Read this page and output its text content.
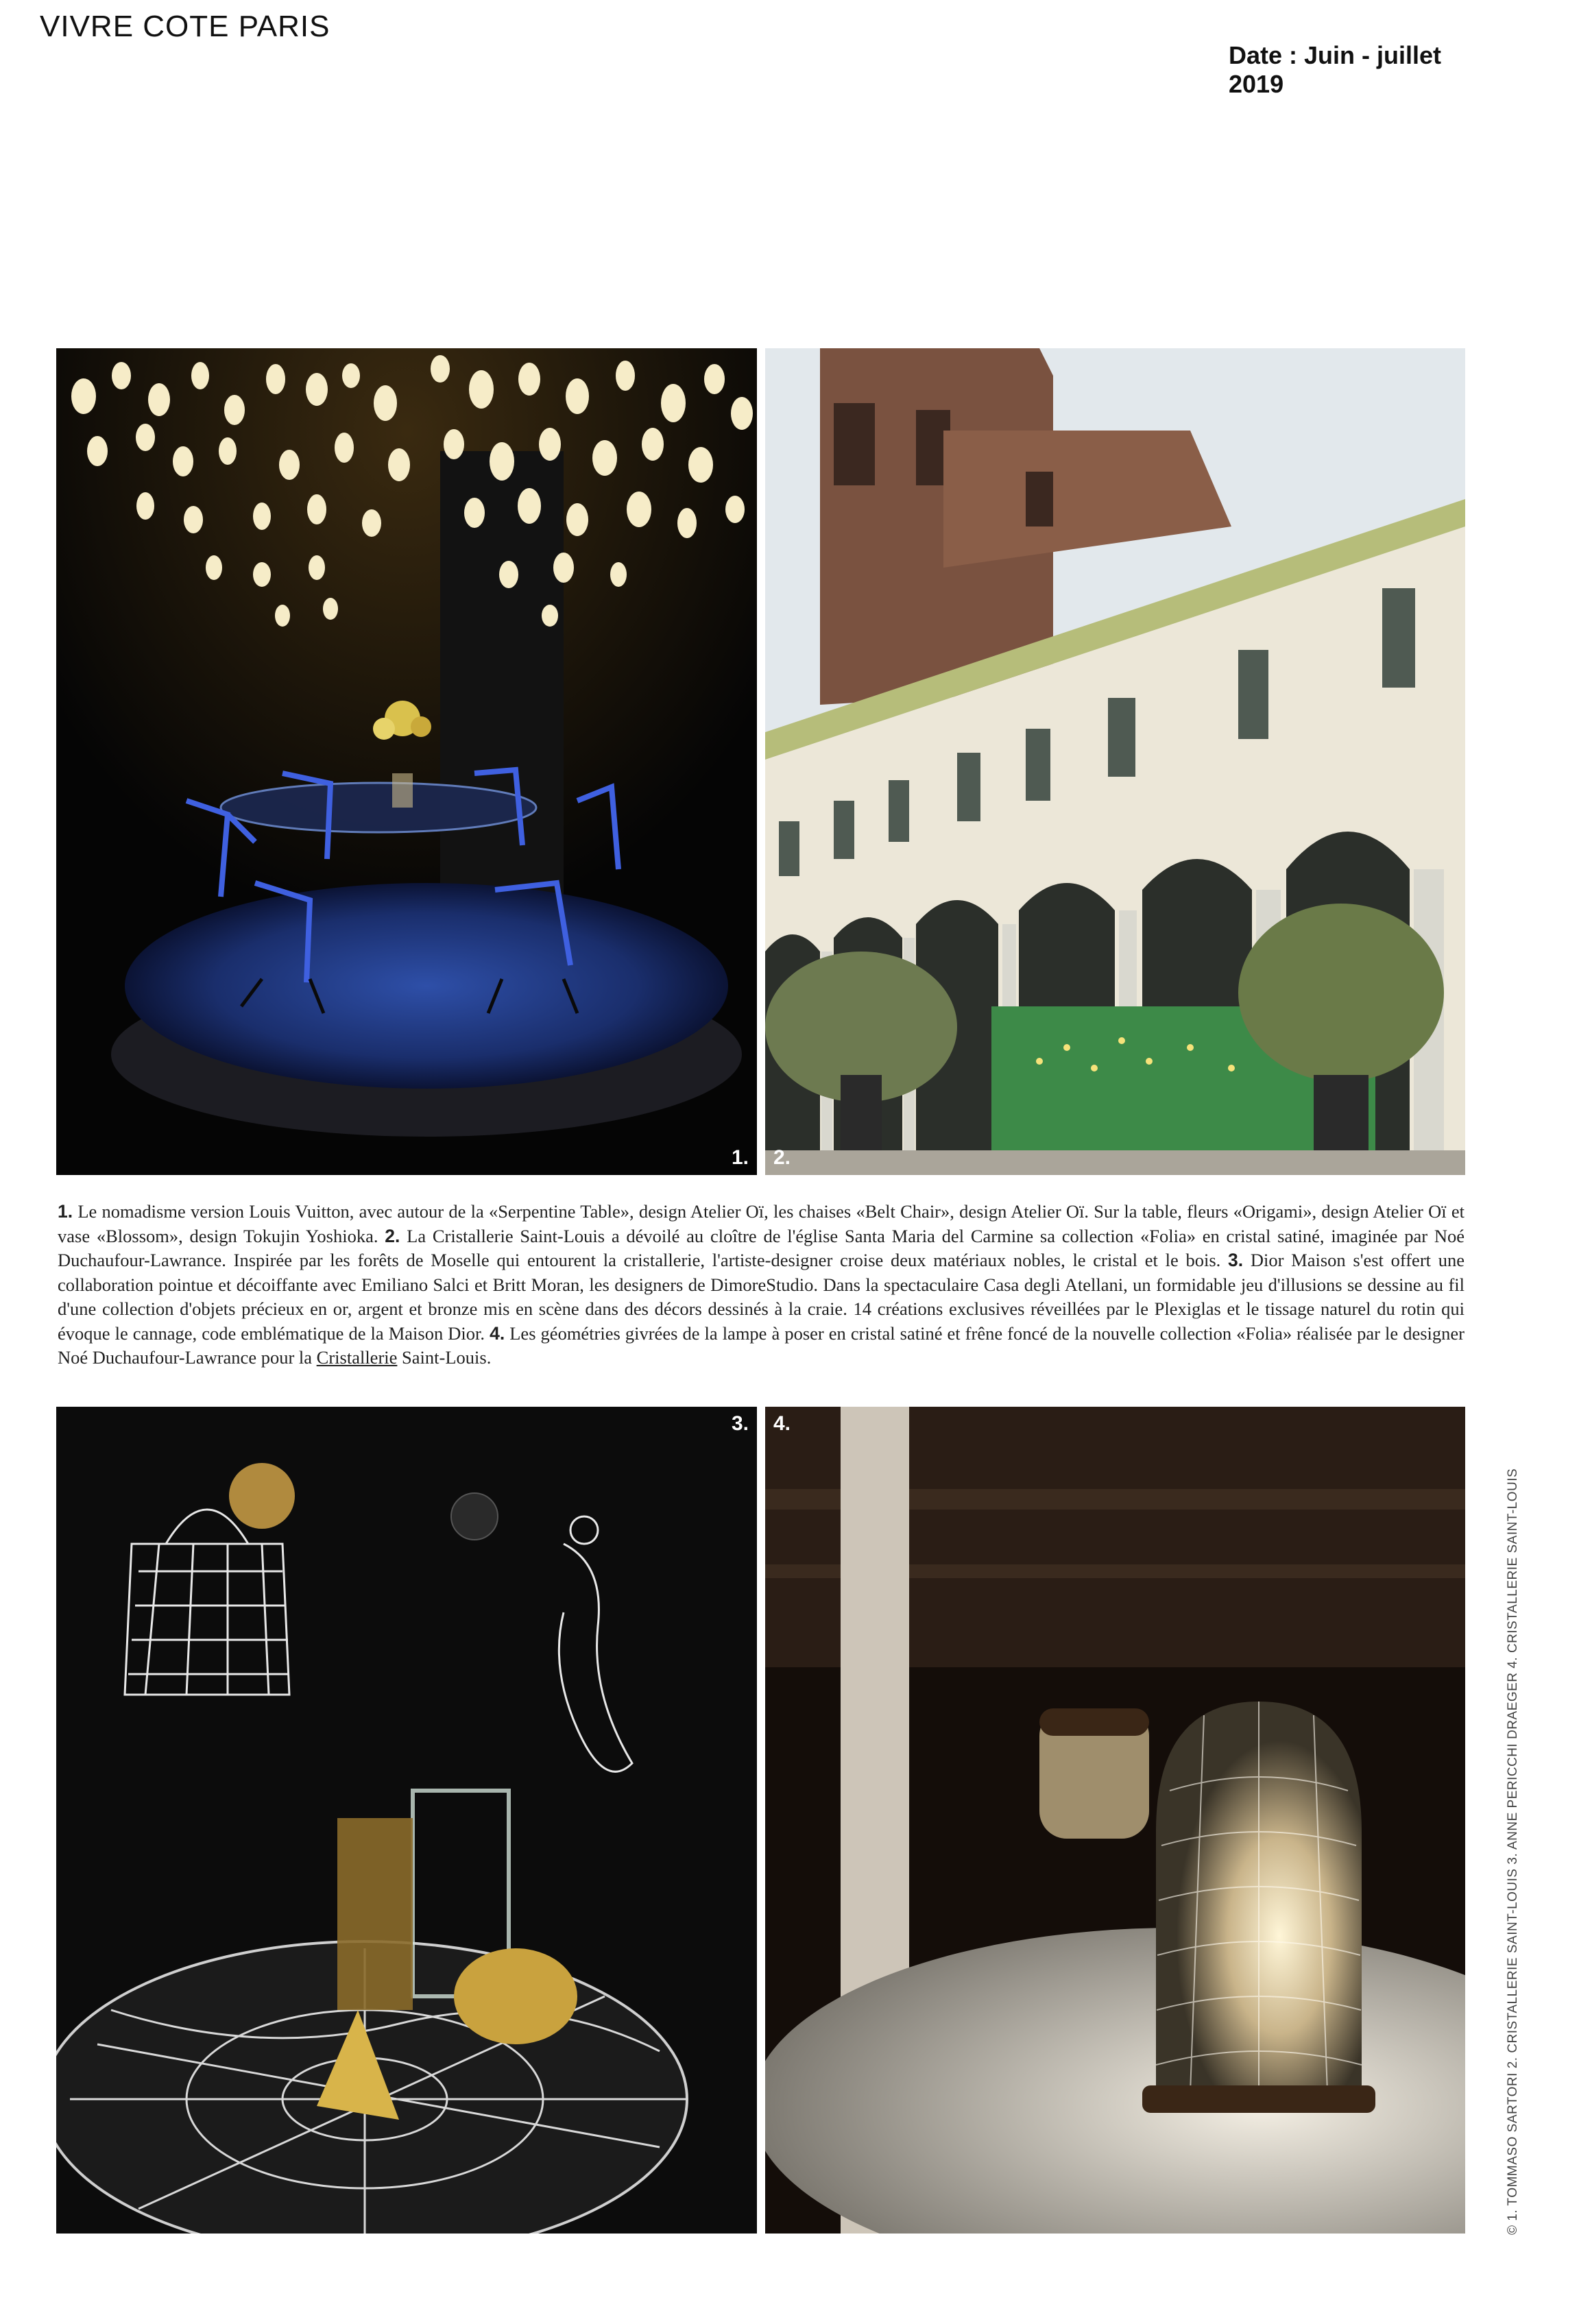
VIVRE COTE PARIS
Date : Juin - juillet
2019
1. 2.

1. Le nomadisme version Louis Vuitton, avec autour de la «Serpentine Table», design Atelier Oï, les chaises «Belt Chair», design Atelier Oï. Sur la table, fleurs «Origami», design Atelier Oï et vase «Blossom», design Tokujin Yoshioka. 2. La Cristallerie Saint-Louis a dévoilé au cloître de l'église Santa Maria del Carmine sa collection «Folia» en cristal satiné, imaginée par Noé Duchaufour-Lawrance. Inspirée par les forêts de Moselle qui entourent la cristallerie, l'artiste-designer croise deux matériaux nobles, le cristal et le bois. 3. Dior Maison s'est offert une collaboration pointue et décoiffante avec Emiliano Salci et Britt Moran, les designers de DimoreStudio. Dans la spectaculaire Casa degli Atellani, un formidable jeu d'illusions se dessine au fil d'une collection d'objets précieux en or, argent et bronze mis en scène dans des décors dessinés à la craie. 14 créations exclusives réveillées par le Plexiglas et le tissage naturel du rotin qui évoque le cannage, code emblématique de la Maison Dior. 4. Les géométries givrées de la lampe à poser en cristal satiné et frêne foncé de la nouvelle collection «Folia» réalisée par le designer Noé Duchaufour-Lawrance pour la Cristallerie Saint-Louis.

3. 4.
© 1. TOMMASO SARTORI 2. CRISTALLERIE SAINT-LOUIS 3. ANNE PERICCHI DRAEGER 4. CRISTALLERIE SAINT-LOUIS
